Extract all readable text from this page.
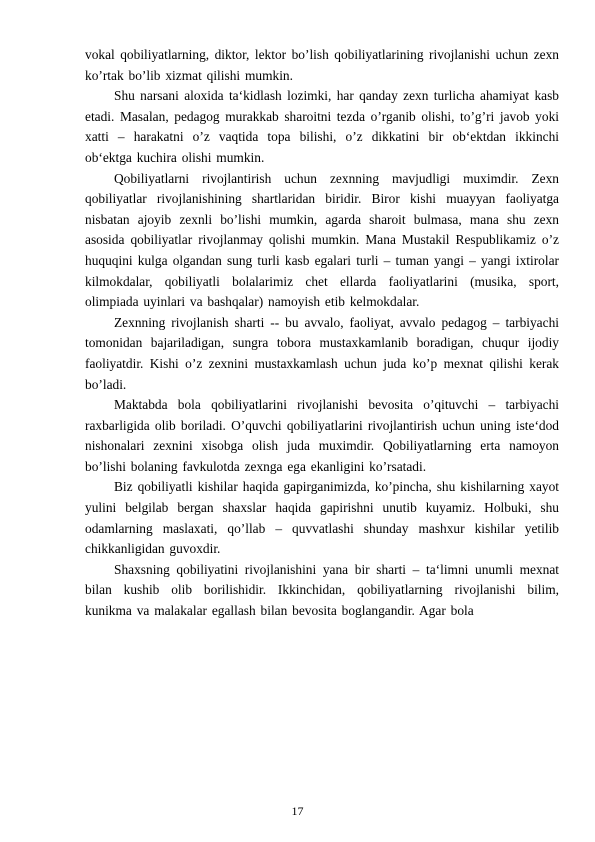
vokal qobiliyatlarning, diktor, lektor bo’lish qobiliyatlarining rivojlanishi uchun zexn ko’rtak bo’lib xizmat qilishi mumkin.

Shu narsani aloxida ta‘kidlash lozimki, har qanday zexn turlicha ahamiyat kasb etadi. Masalan, pedagog murakkab sharoitni tezda o’rganib olishi, to’g’ri javob yoki xatti – harakatni o’z vaqtida topa bilishi, o’z dikkatini bir ob‘ektdan ikkinchi ob‘ektga kuchira olishi mumkin.

Qobiliyatlarni rivojlantirish uchun zexnning mavjudligi muximdir. Zexn qobiliyatlar rivojlanishining shartlaridan biridir. Biror kishi muayyan faoliyatga nisbatan ajoyib zexnli bo’lishi mumkin, agarda sharoit bulmasa, mana shu zexn asosida qobiliyatlar rivojlanmay qolishi mumkin. Mana Mustakil Respublikamiz o’z huquqini kulga olgandan sung turli kasb egalari turli – tuman yangi – yangi ixtirolar kilmokdalar, qobiliyatli bolalarimiz chet ellarda faoliyatlarini (musika, sport, olimpiada uyinlari va bashqalar) namoyish etib kelmokdalar.

Zexnning rivojlanish sharti -- bu avvalo, faoliyat, avvalo pedagog – tarbiyachi tomonidan bajariladigan, sungra tobora mustaxkamlanib boradigan, chuqur ijodiy faoliyatdir. Kishi o’z zexnini mustaxkamlash uchun juda ko’p mexnat qilishi kerak bo’ladi.

Maktabda bola qobiliyatlarini rivojlanishi bevosita o’qituvchi – tarbiyachi raxbarligida olib boriladi. O’quvchi qobiliyatlarini rivojlantirish uchun uning iste‘dod nishonalari zexnini xisobga olish juda muximdir. Qobiliyatlarning erta namoyon bo’lishi bolaning favkulotda zexnga ega ekanligini ko’rsatadi.

Biz qobiliyatli kishilar haqida gapirganimizda, ko’pincha, shu kishilarning xayot yulini belgilab bergan shaxslar haqida gapirishni unutib kuyamiz. Holbuki, shu odamlarning maslaxati, qo’llab – quvvatlashi shunday mashxur kishilar yetilib chikkanligidan guvoxdir.

Shaxsning qobiliyatini rivojlanishini yana bir sharti – ta‘limni unumli mexnat bilan kushib olib borilishidir. Ikkinchidan, qobiliyatlarning rivojlanishi bilim, kunikma va malakalar egallash bilan bevosita boglangandir. Agar bola

17
